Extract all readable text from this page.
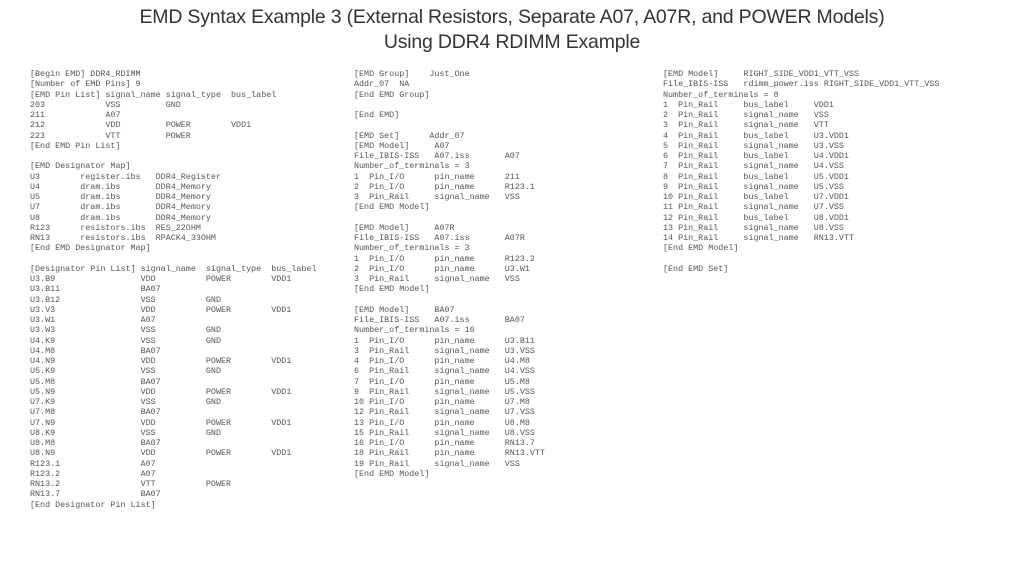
EMD Syntax Example 3 (External Resistors, Separate A07, A07R, and POWER Models)
Using DDR4 RDIMM Example
[Begin EMD] DDR4_RDIMM
[Number of EMD Pins] 9
[EMD Pin List] signal_name signal_type  bus_label
203            VSS         GND
211            A07
212            VDD         POWER        VDD1
223            VTT         POWER
[End EMD Pin List]
[EMD Designator Map]
U3        register.ibs   DDR4_Register
U4        dram.ibs       DDR4_Memory
U5        dram.ibs       DDR4_Memory
U7        dram.ibs       DDR4_Memory
U8        dram.ibs       DDR4_Memory
R123      resistors.ibs  RES_22OHM
RN13      resistors.ibs  RPACK4_33OHM
[End EMD Designator Map]
[Designator Pin List] signal_name  signal_type  bus_label
U3.B9                 VDD          POWER        VDD1
U3.B11                BA07
U3.B12                VSS          GND
U3.V3                 VDD          POWER        VDD1
U3.W1                 A07
U3.W3                 VSS          GND
U4.K9                 VSS          GND
U4.M8                 BA07
U4.N9                 VDD          POWER        VDD1
U5.K9                 VSS          GND
U5.M8                 BA07
U5.N9                 VDD          POWER        VDD1
U7.K9                 VSS          GND
U7.M8                 BA07
U7.N9                 VDD          POWER        VDD1
U8.K9                 VSS          GND
U8.M8                 BA07
U8.N9                 VDD          POWER        VDD1
R123.1                A07
R123.2                A07
RN13.2                VTT          POWER
RN13.7                BA07
[End Designator Pin List]
[EMD Group]    Just_One
Addr_07  NA
[End EMD Group]
[End EMD]
[EMD Set]      Addr_07
[EMD Model]     A07
File_IBIS-ISS   A07.iss       A07
Number_of_terminals = 3
1  Pin_I/O      pin_name      211
2  Pin_I/O      pin_name      R123.1
3  Pin_Rail     signal_name   VSS
[End EMD Model]
[EMD Model]     A07R
File_IBIS-ISS   A07.iss       A07R
Number_of_terminals = 3
1  Pin_I/O      pin_name      R123.2
2  Pin_I/O      pin_name      U3.W1
3  Pin_Rail     signal_name   VSS
[End EMD Model]
[EMD Model]     BA07
File_IBIS-ISS   A07.iss       BA07
Number_of_terminals = 16
1  Pin_I/O      pin_name      U3.B11
3  Pin_Rail     signal_name   U3.VSS
4  Pin_I/O      pin_name      U4.M8
6  Pin_Rail     signal_name   U4.VSS
7  Pin_I/O      pin_name      U5.M8
9  Pin_Rail     signal_name   U5.VSS
10 Pin_I/O      pin_name      U7.M8
12 Pin_Rail     signal_name   U7.VSS
13 Pin_I/O      pin_name      U8.M8
15 Pin_Rail     signal_name   U8.VSS
16 Pin_I/O      pin_name      RN13.7
18 Pin_Rail     pin_name      RN13.VTT
19 Pin_Rail     signal_name   VSS
[End EMD Model]
[EMD Model]     RIGHT_SIDE_VDD1_VTT_VSS
File_IBIS-ISS   rdimm_power.iss RIGHT_SIDE_VDD1_VTT_VSS
Number_of_terminals = 8
1  Pin_Rail     bus_label     VDD1
2  Pin_Rail     signal_name   VSS
3  Pin_Rail     signal_name   VTT
4  Pin_Rail     bus_label     U3.VDD1
5  Pin_Rail     signal_name   U3.VSS
6  Pin_Rail     bus_label     U4.VDD1
7  Pin_Rail     signal_name   U4.VSS
8  Pin_Rail     bus_label     U5.VDD1
9  Pin_Rail     signal_name   U5.VSS
10 Pin_Rail     bus_label     U7.VDD1
11 Pin_Rail     signal_name   U7.VSS
12 Pin_Rail     bus_label     U8.VDD1
13 Pin_Rail     signal_name   U8.VSS
14 Pin_Rail     signal_name   RN13.VTT
[End EMD Model]
[End EMD Set]
